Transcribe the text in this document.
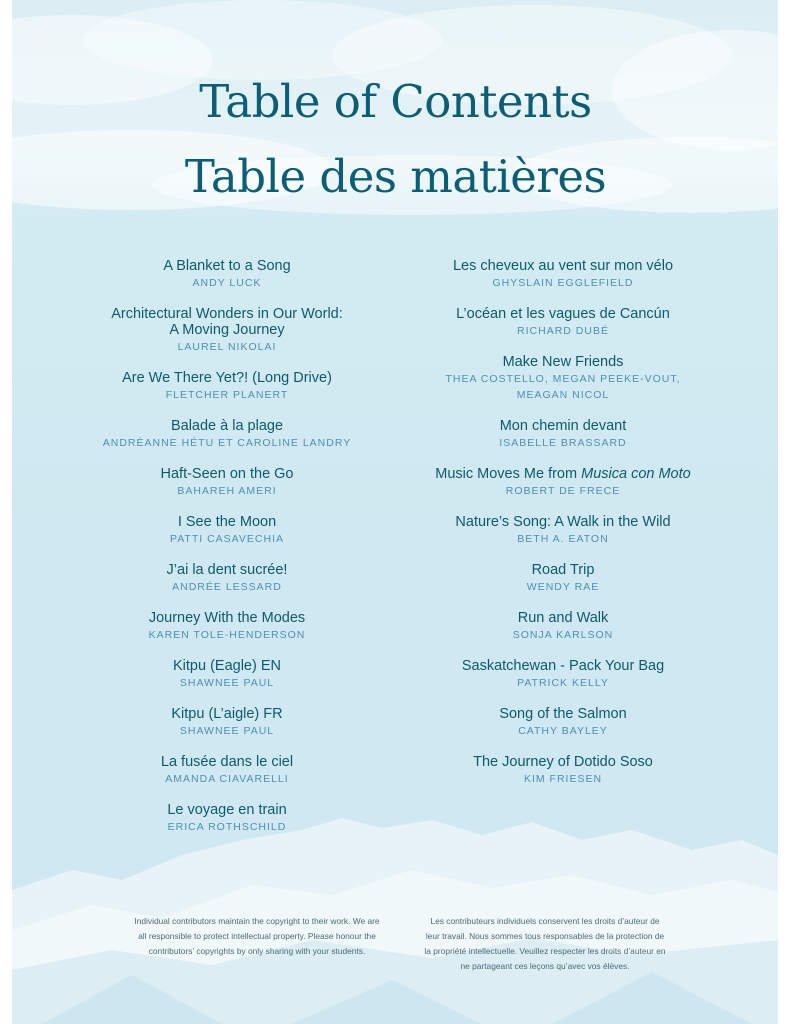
Table of Contents
Table des matières
A Blanket to a Song
ANDY LUCK
Architectural Wonders in Our World:
A Moving Journey
LAUREL NIKOLAI
Are We There Yet?! (Long Drive)
FLETCHER PLANERT
Balade à la plage
ANDRÉANNE HÉTU ET CAROLINE LANDRY
Haft-Seen on the Go
BAHAREH AMERI
I See the Moon
PATTI CASAVECHIA
J’ai la dent sucrée!
ANDRÉE LESSARD
Journey With the Modes
KAREN TOLE-HENDERSON
Kitpu (Eagle) EN
SHAWNEE PAUL
Kitpu (L’aigle) FR
SHAWNEE PAUL
La fusée dans le ciel
AMANDA CIAVARELLI
Le voyage en train
ERICA ROTHSCHILD
Les cheveux au vent sur mon vélo
GHYSLAIN EGGLEFIELD
L’océan et les vagues de Cancún
RICHARD DUBÉ
Make New Friends
THEA COSTELLO, MEGAN PEEKE-VOUT,
MEAGAN NICOL
Mon chemin devant
ISABELLE BRASSARD
Music Moves Me from Musica con Moto
ROBERT DE FRECE
Nature’s Song: A Walk in the Wild
BETH A. EATON
Road Trip
WENDY RAE
Run and Walk
SONJA KARLSON
Saskatchewan - Pack Your Bag
PATRICK KELLY
Song of the Salmon
CATHY BAYLEY
The Journey of Dotido Soso
KIM FRIESEN
Individual contributors maintain the copyright to their work. We are
all responsible to protect intellectual property. Please honour the
contributors’ copyrights by only sharing with your students.
Les contributeurs individuels conservent les droits d’auteur de
leur travail. Nous sommes tous responsables de la protection de
la propriété intellectuelle. Veuillez respecter les droits d’auteur en
ne partageant ces leçons qu’avec vos élèves.
